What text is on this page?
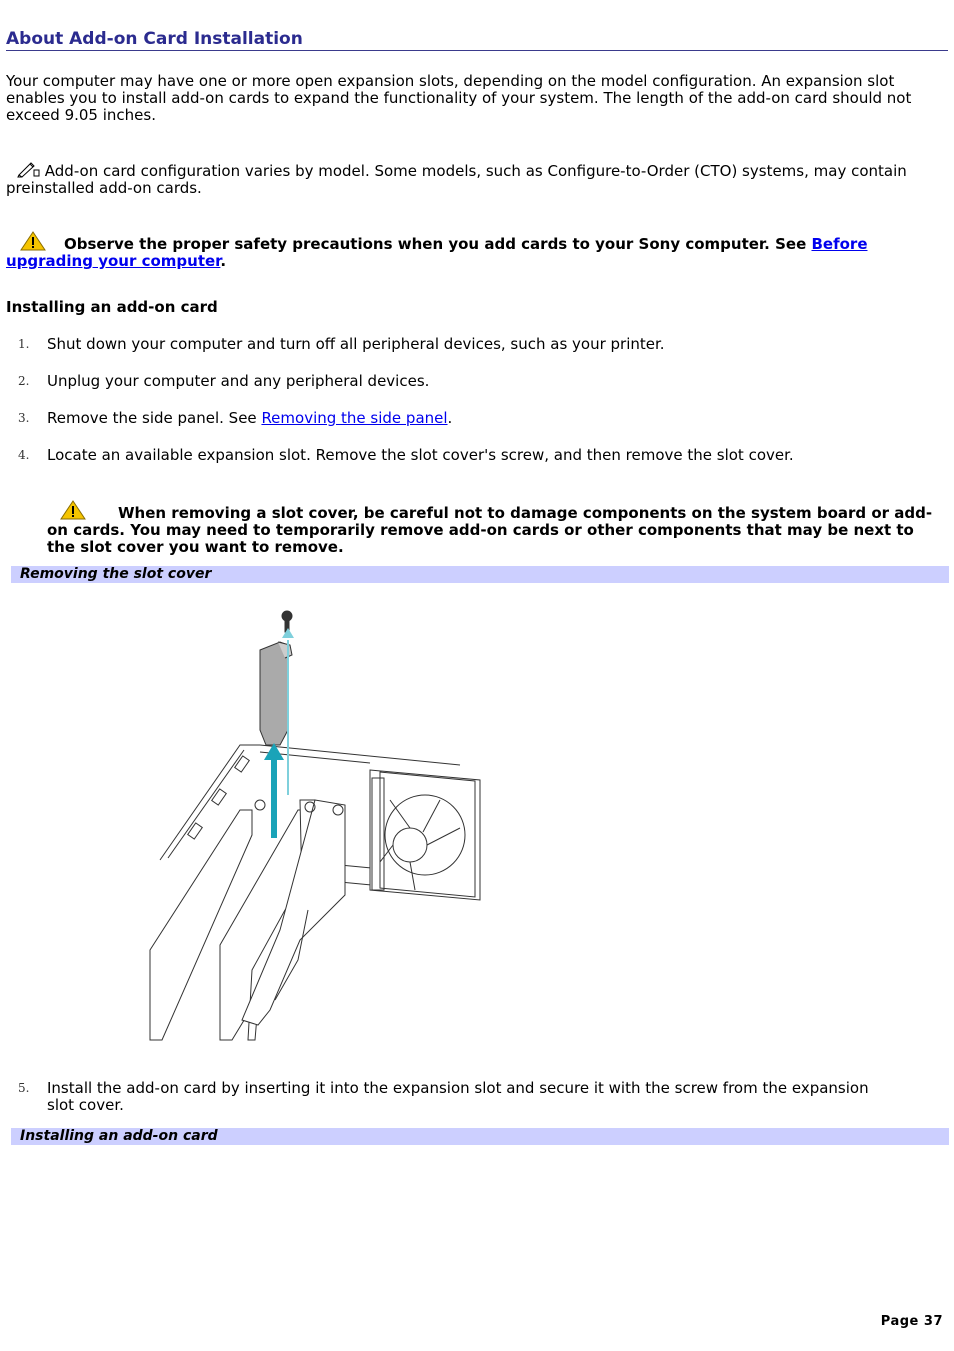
About Add-on Card Installation
Your computer may have one or more open expansion slots, depending on the model configuration. An expansion slot enables you to install add-on cards to expand the functionality of your system. The length of the add-on card should not exceed 9.05 inches.
Add-on card configuration varies by model. Some models, such as Configure-to-Order (CTO) systems, may contain preinstalled add-on cards.
Observe the proper safety precautions when you add cards to your Sony computer. See Before upgrading your computer.
Installing an add-on card
1.	Shut down your computer and turn off all peripheral devices, such as your printer.
2.	Unplug your computer and any peripheral devices.
3.	Remove the side panel. See Removing the side panel.
4.	Locate an available expansion slot. Remove the slot cover's screw, and then remove the slot cover.
When removing a slot cover, be careful not to damage components on the system board or add-on cards. You may need to temporarily remove add-on cards or other components that may be next to the slot cover you want to remove.
Removing the slot cover
5.	Install the add-on card by inserting it into the expansion slot and secure it with the screw from the expansion slot cover.
Installing an add-on card
Page 37
